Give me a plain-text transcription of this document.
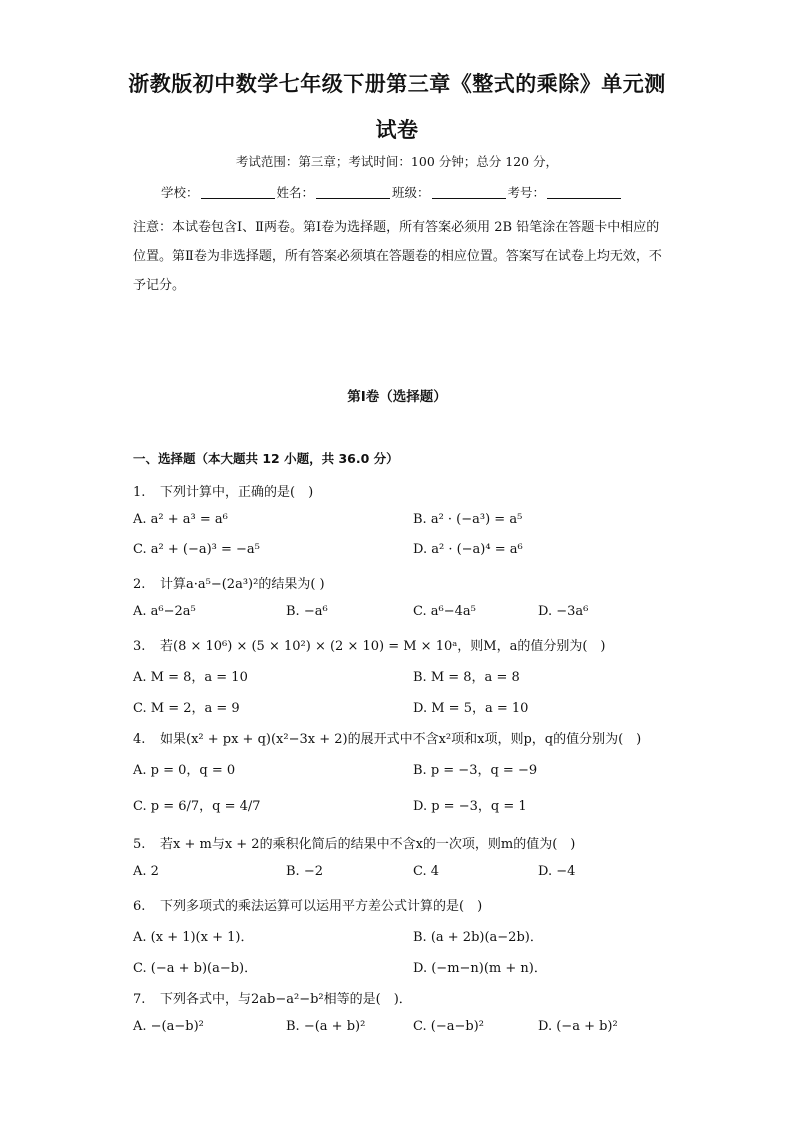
浙教版初中数学七年级下册第三章《整式的乘除》单元测
试卷
考试范围：第三章；考试时间：100 分钟；总分 120 分，
学校：	姓名：	班级：	考号：
注意：本试卷包含Ⅰ、Ⅱ两卷。第Ⅰ卷为选择题，所有答案必须用 2B 铅笔涂在答题卡中相应的位置。第Ⅱ卷为非选择题，所有答案必须填在答题卷的相应位置。答案写在试卷上均无效，不予记分。
第Ⅰ卷（选择题）
一、选择题（本大题共 12 小题，共 36.0 分）
1. 下列计算中，正确的是(　)
A. a² + a³ = a⁶	B. a² · (−a³) = a⁵
C. a² + (−a)³ = −a⁵	D. a² · (−a)⁴ = a⁶
2. 计算a·a⁵−(2a³)²的结果为( )
A. a⁶−2a⁵	B. −a⁶	C. a⁶−4a⁵	D. −3a⁶
3. 若(8 × 10⁶) × (5 × 10²) × (2 × 10) = M × 10ᵃ，则M，a的值分别为(　)
A. M = 8，a = 10	B. M = 8，a = 8
C. M = 2，a = 9	D. M = 5，a = 10
4. 如果(x² + px + q)(x²−3x + 2)的展开式中不含x²项和x项，则p，q的值分别为(　)
A. p = 0，q = 0	B. p = −3，q = −9
C. p = 6/7，q = 4/7	D. p = −3，q = 1
5. 若x + m与x + 2的乘积化简后的结果中不含x的一次项，则m的值为(　)
A. 2	B. −2	C. 4	D. −4
6. 下列多项式的乘法运算可以运用平方差公式计算的是(　)
A. (x + 1)(x + 1)．	B. (a + 2b)(a−2b)．
C. (−a + b)(a−b)．	D. (−m−n)(m + n)．
7. 下列各式中，与2ab−a²−b²相等的是(　)．
A. −(a−b)²	B. −(a + b)²	C. (−a−b)²	D. (−a + b)²
